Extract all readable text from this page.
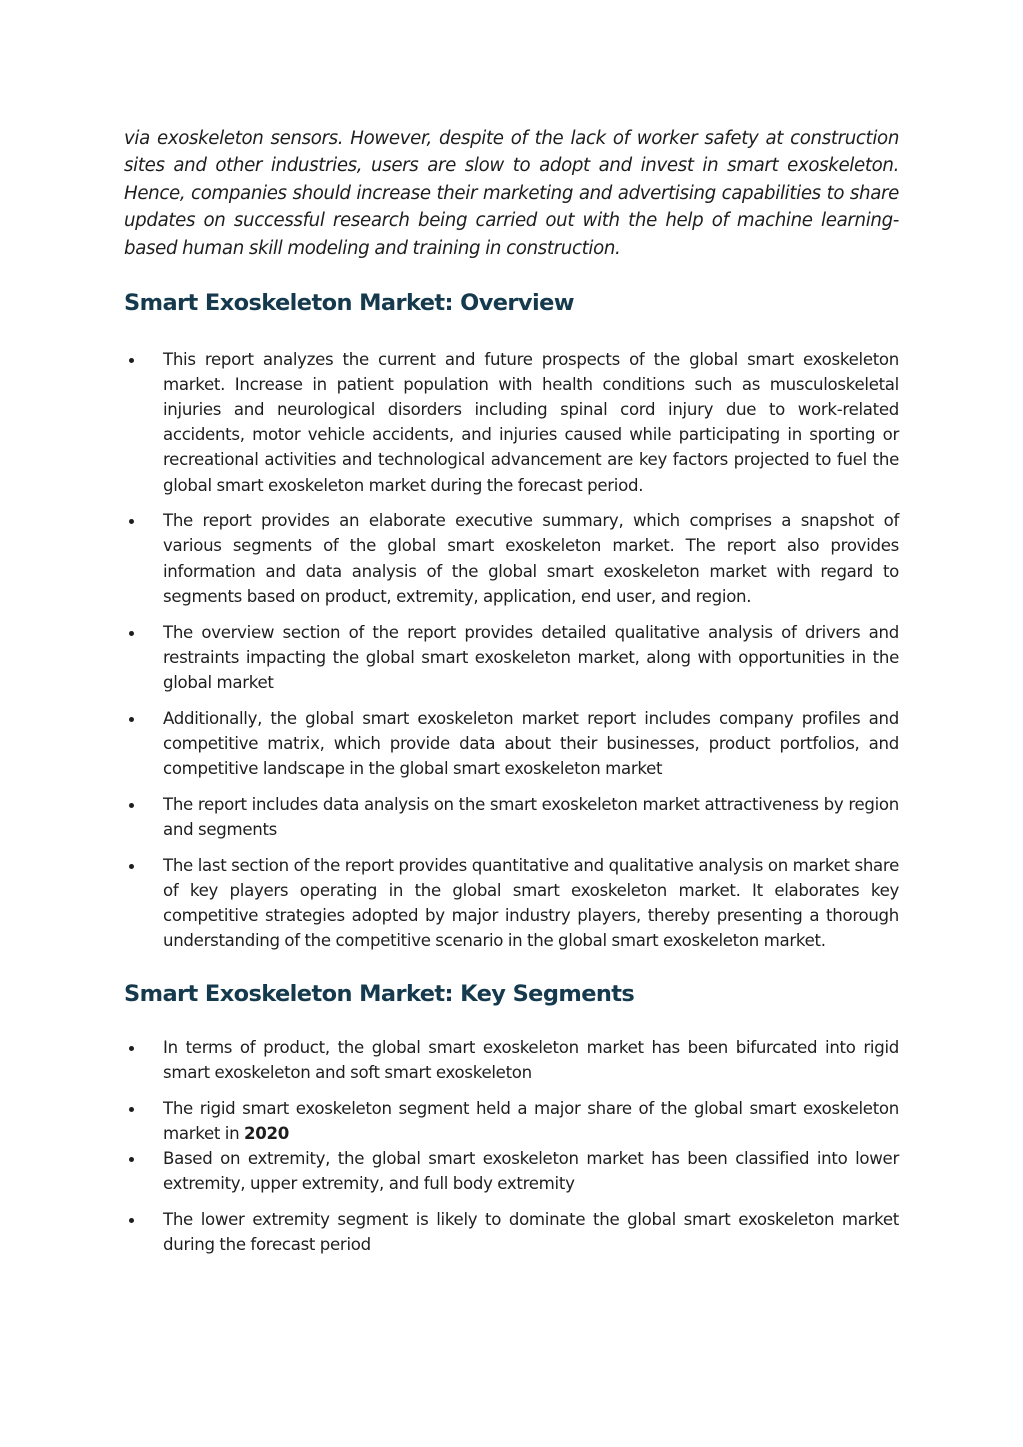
via exoskeleton sensors. However, despite of the lack of worker safety at construction sites and other industries, users are slow to adopt and invest in smart exoskeleton. Hence, companies should increase their marketing and advertising capabilities to share updates on successful research being carried out with the help of machine learning-based human skill modeling and training in construction.

Smart Exoskeleton Market: Overview
This report analyzes the current and future prospects of the global smart exoskeleton market. Increase in patient population with health conditions such as musculoskeletal injuries and neurological disorders including spinal cord injury due to work-related accidents, motor vehicle accidents, and injuries caused while participating in sporting or recreational activities and technological advancement are key factors projected to fuel the global smart exoskeleton market during the forecast period.
The report provides an elaborate executive summary, which comprises a snapshot of various segments of the global smart exoskeleton market. The report also provides information and data analysis of the global smart exoskeleton market with regard to segments based on product, extremity, application, end user, and region.
The overview section of the report provides detailed qualitative analysis of drivers and restraints impacting the global smart exoskeleton market, along with opportunities in the global market
Additionally, the global smart exoskeleton market report includes company profiles and competitive matrix, which provide data about their businesses, product portfolios, and competitive landscape in the global smart exoskeleton market
The report includes data analysis on the smart exoskeleton market attractiveness by region and segments
The last section of the report provides quantitative and qualitative analysis on market share of key players operating in the global smart exoskeleton market. It elaborates key competitive strategies adopted by major industry players, thereby presenting a thorough understanding of the competitive scenario in the global smart exoskeleton market.
Smart Exoskeleton Market: Key Segments
In terms of product, the global smart exoskeleton market has been bifurcated into rigid smart exoskeleton and soft smart exoskeleton
The rigid smart exoskeleton segment held a major share of the global smart exoskeleton market in 2020
Based on extremity, the global smart exoskeleton market has been classified into lower extremity, upper extremity, and full body extremity
The lower extremity segment is likely to dominate the global smart exoskeleton market during the forecast period
